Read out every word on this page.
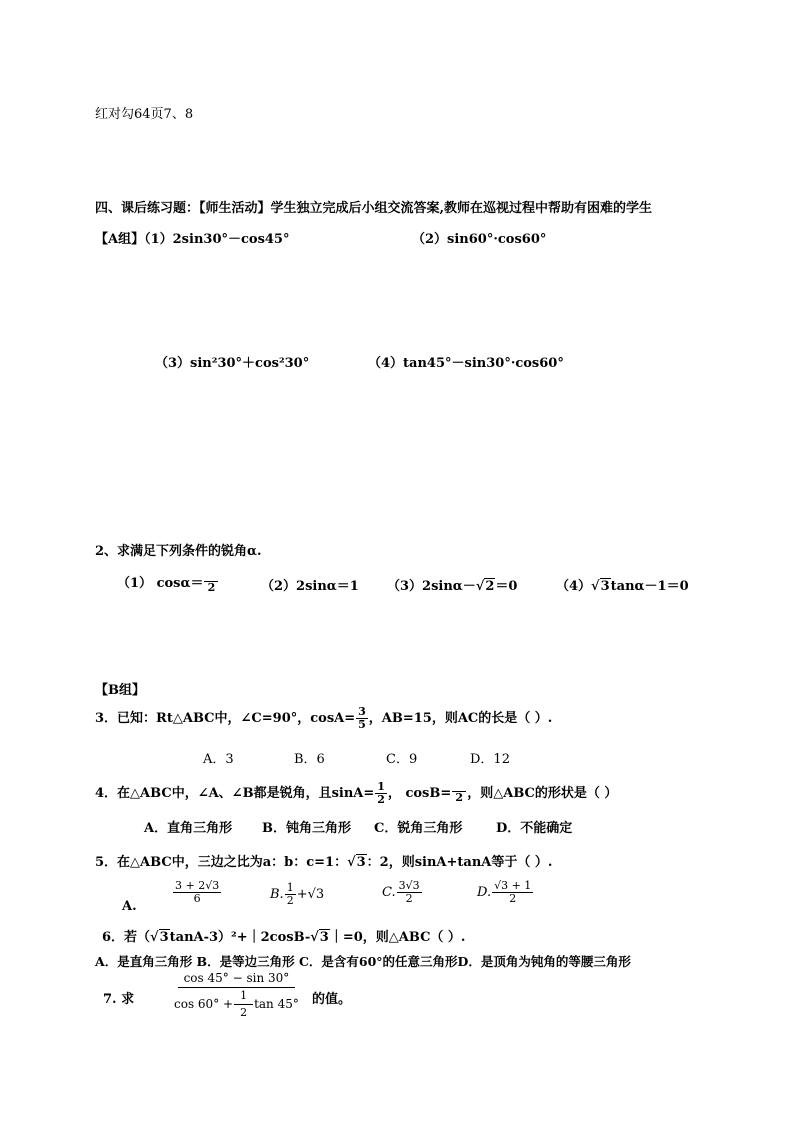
红对勾64页7、8
四、课后练习题：【师生活动】学生独立完成后小组交流答案,教师在巡视过程中帮助有困难的学生
【A组】（1）2sin30°－cos45°	（2）sin60°·cos60°
（3）sin²30°＋cos²30°	（4）tan45°－sin30°·cos60°
2、求满足下列条件的锐角α.
（1） cosα＝ 2	（2）2sinα＝1 （3）2sinα－√2＝0	（4）√3tanα－1＝0
【B组】
3．已知：Rt△ABC中，∠C=90°，$\cos A= \frac{3}{5}$ ，AB=15，则AC的长是（ ）.
A．3	B．6	C．9	D．12
4．在△ABC中，∠A、∠B都是锐角，且$\sin A= \frac{1}{2}$ ， cosB= 2 ，则△ABC的形状是（ ）
A．直角三角形 B．钝角三角形 C．锐角三角形	D．不能确定
5．在△ABC中，三边之比为a：b：c=1：√3：2，则sinA+tanA等于（ ）.
A.
$\frac{3 + 2√3}{6}$	B. $\frac{1}{2} +√3$	C. $\frac{3√3}{2}$	D. $\frac{√3 + 1}{2}$
6．若（√3tanA-3）²+｜2cosB-√3｜=0，则△ABC（ ）.
A．是直角三角形 B．是等边三角形 C．是含有60°的任意三角形D．是顶角为钝角的等腰三角形
7. 求	$\frac{\cos 45^\circ - \sin 30^\circ}{\cos 60^\circ + \frac{1}{2} \tan 45^\circ}$ 的值。
